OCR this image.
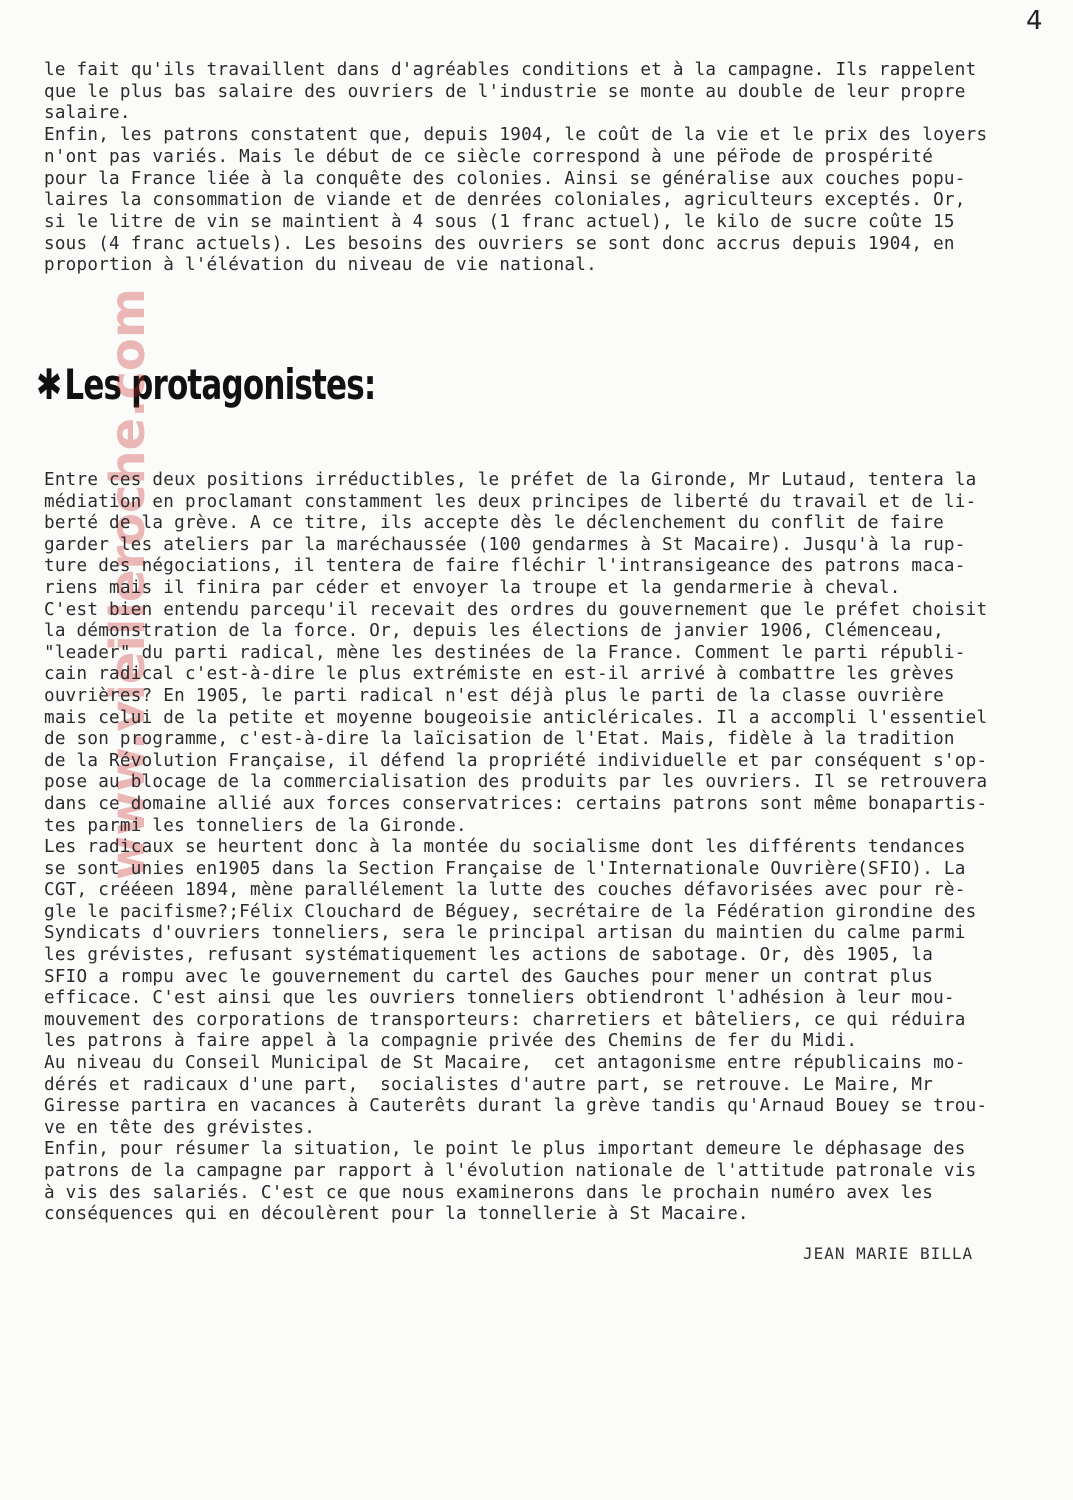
4

le fait qu'ils travaillent dans d'agréables conditions et à la campagne. Ils rappelent

que le plus bas salaire des ouvriers de l'industrie se monte au double de leur propre

salaire.

Enfin, les patrons constatent que, depuis 1904, le coût de la vie et le prix des loyers

n'ont pas variés. Mais le début de ce siècle correspond à une pér̈ode de prospérité

pour la France liée à la conquête des colonies. Ainsi se généralise aux couches popu-

laires la consommation de viande et de denrées coloniales, agriculteurs exceptés. Or,

si le litre de vin se maintient à 4 sous (1 franc actuel), le kilo de sucre coûte 15

sous (4 franc actuels). Les besoins des ouvriers se sont donc accrus depuis 1904, en

proportion à l'élévation du niveau de vie national.

✱Les protagonistes:
www.vieilleroche.com

Entre ces deux positions irréductibles, le préfet de la Gironde, Mr Lutaud, tentera la

médiation en proclamant constamment les deux principes de liberté du travail et de li-

berté de la grève. A ce titre, ils accepte dès le déclenchement du conflit de faire

garder les ateliers par la maréchaussée (100 gendarmes à St Macaire). Jusqu'à la rup-

ture des négociations, il tentera de faire fléchir l'intransigeance des patrons maca-

riens mais il finira par céder et envoyer la troupe et la gendarmerie à cheval.

C'est bien entendu parcequ'il recevait des ordres du gouvernement que le préfet choisit

la démonstration de la force. Or, depuis les élections de janvier 1906, Clémenceau,

"leader" du parti radical, mène les destinées de la France. Comment le parti républi-

cain radical c'est-à-dire le plus extrémiste en est-il arrivé à combattre les grèves

ouvrières? En 1905, le parti radical n'est déjà plus le parti de la classe ouvrière

mais celui de la petite et moyenne bougeoisie anticléricales. Il a accompli l'essentiel

de son programme, c'est-à-dire la laïcisation de l'Etat. Mais, fidèle à la tradition

de la Révolution Française, il défend la propriété individuelle et par conséquent s'op-

pose au blocage de la commercialisation des produits par les ouvriers. Il se retrouvera

dans ce domaine allié aux forces conservatrices: certains patrons sont même bonapartis-

tes parmi les tonneliers de la Gironde.

Les radicaux se heurtent donc à la montée du socialisme dont les différents tendances

se sont unies en1905 dans la Section Française de l'Internationale Ouvrière(SFIO). La

CGT, crééeen 1894, mène parallélement la lutte des couches défavorisées avec pour rè-

gle le pacifisme?;Félix Clouchard de Béguey, secrétaire de la Fédération girondine des

Syndicats d'ouvriers tonneliers, sera le principal artisan du maintien du calme parmi

les grévistes, refusant systématiquement les actions de sabotage. Or, dès 1905, la

SFIO a rompu avec le gouvernement du cartel des Gauches pour mener un contrat plus

efficace. C'est ainsi que les ouvriers tonneliers obtiendront l'adhésion à leur mou-

mouvement des corporations de transporteurs: charretiers et bâteliers, ce qui réduira

les patrons à faire appel à la compagnie privée des Chemins de fer du Midi.

Au niveau du Conseil Municipal de St Macaire,  cet antagonisme entre républicains mo-

dérés et radicaux d'une part,  socialistes d'autre part, se retrouve. Le Maire, Mr

Giresse partira en vacances à Cauterêts durant la grève tandis qu'Arnaud Bouey se trou-

ve en tête des grévistes.

Enfin, pour résumer la situation, le point le plus important demeure le déphasage des

patrons de la campagne par rapport à l'évolution nationale de l'attitude patronale vis

à vis des salariés. C'est ce que nous examinerons dans le prochain numéro avex les

conséquences qui en découlèrent pour la tonnellerie à St Macaire.

JEAN MARIE BILLA
